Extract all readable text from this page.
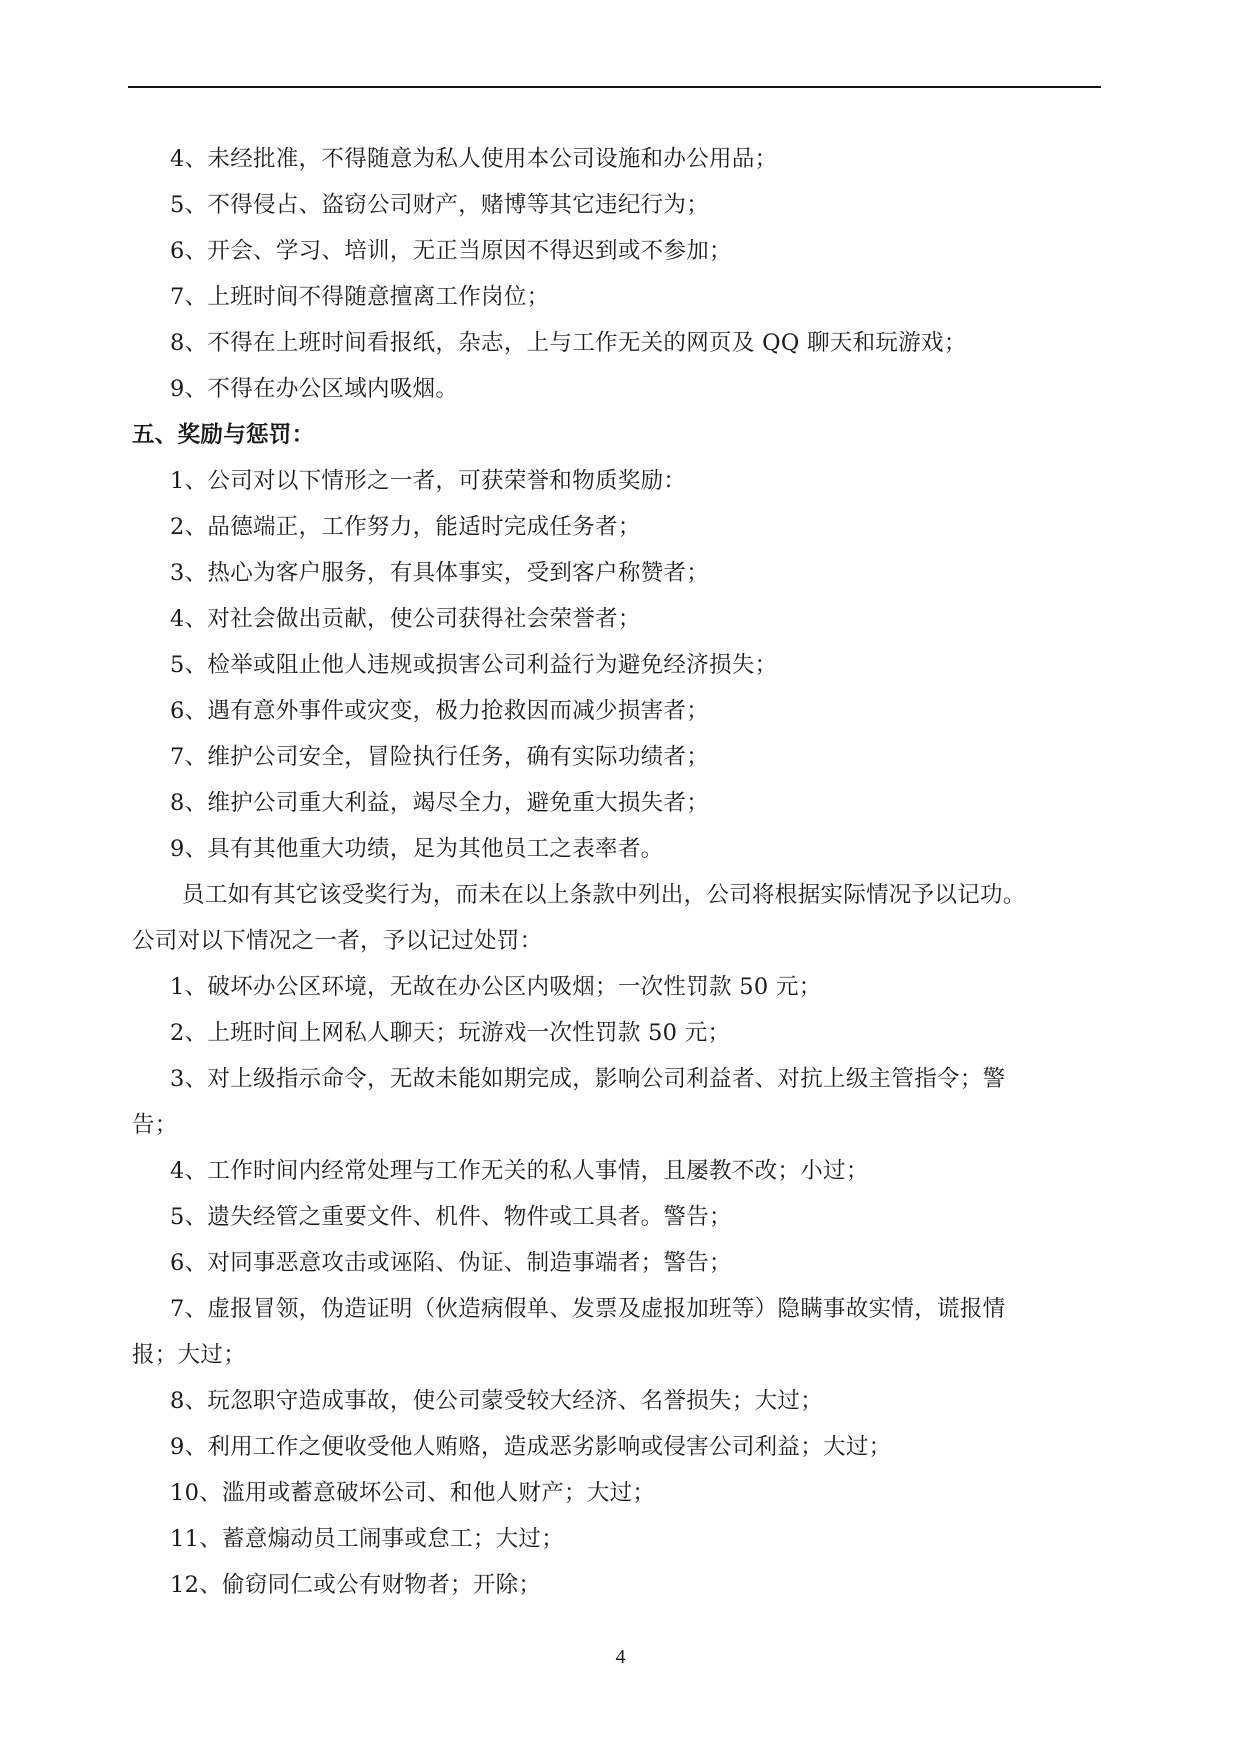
4、未经批准，不得随意为私人使用本公司设施和办公用品；
5、不得侵占、盗窃公司财产，赌博等其它违纪行为；
6、开会、学习、培训，无正当原因不得迟到或不参加；
7、上班时间不得随意擅离工作岗位；
8、不得在上班时间看报纸，杂志，上与工作无关的网页及 QQ 聊天和玩游戏；
9、不得在办公区域内吸烟。
五、奖励与惩罚：
1、公司对以下情形之一者，可获荣誉和物质奖励：
2、品德端正，工作努力，能适时完成任务者；
3、热心为客户服务，有具体事实，受到客户称赞者；
4、对社会做出贡献，使公司获得社会荣誉者；
5、检举或阻止他人违规或损害公司利益行为避免经济损失；
6、遇有意外事件或灾变，极力抢救因而减少损害者；
7、维护公司安全，冒险执行任务，确有实际功绩者；
8、维护公司重大利益，竭尽全力，避免重大损失者；
9、具有其他重大功绩，足为其他员工之表率者。
员工如有其它该受奖行为，而未在以上条款中列出，公司将根据实际情况予以记功。
公司对以下情况之一者，予以记过处罚：
1、破坏办公区环境，无故在办公区内吸烟；一次性罚款 50 元；
2、上班时间上网私人聊天；玩游戏一次性罚款 50 元；
3、对上级指示命令，无故未能如期完成，影响公司利益者、对抗上级主管指令；警
告；
4、工作时间内经常处理与工作无关的私人事情，且屡教不改；小过；
5、遗失经管之重要文件、机件、物件或工具者。警告；
6、对同事恶意攻击或诬陷、伪证、制造事端者；警告；
7、虚报冒领，伪造证明（伙造病假单、发票及虚报加班等）隐瞒事故实情，谎报情
报；大过；
8、玩忽职守造成事故，使公司蒙受较大经济、名誉损失；大过；
9、利用工作之便收受他人贿赂，造成恶劣影响或侵害公司利益；大过；
10、滥用或蓄意破坏公司、和他人财产；大过；
11、蓄意煽动员工闹事或怠工；大过；
12、偷窃同仁或公有财物者；开除；
4
